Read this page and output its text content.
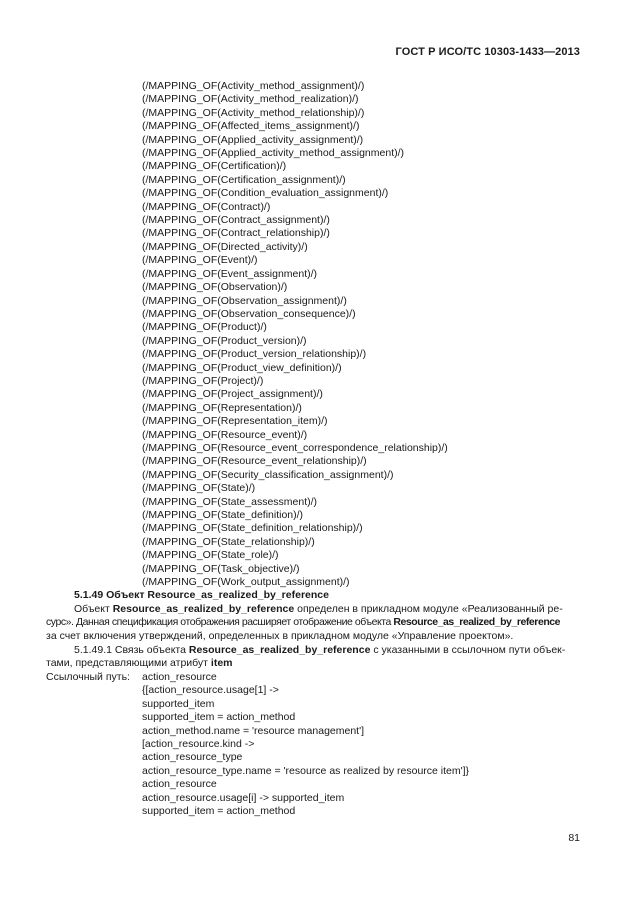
ГОСТ Р ИСО/ТС 10303-1433—2013
(/MAPPING_OF(Activity_method_assignment)/)
(/MAPPING_OF(Activity_method_realization)/)
(/MAPPING_OF(Activity_method_relationship)/)
(/MAPPING_OF(Affected_items_assignment)/)
(/MAPPING_OF(Applied_activity_assignment)/)
(/MAPPING_OF(Applied_activity_method_assignment)/)
(/MAPPING_OF(Certification)/)
(/MAPPING_OF(Certification_assignment)/)
(/MAPPING_OF(Condition_evaluation_assignment)/)
(/MAPPING_OF(Contract)/)
(/MAPPING_OF(Contract_assignment)/)
(/MAPPING_OF(Contract_relationship)/)
(/MAPPING_OF(Directed_activity)/)
(/MAPPING_OF(Event)/)
(/MAPPING_OF(Event_assignment)/)
(/MAPPING_OF(Observation)/)
(/MAPPING_OF(Observation_assignment)/)
(/MAPPING_OF(Observation_consequence)/)
(/MAPPING_OF(Product)/)
(/MAPPING_OF(Product_version)/)
(/MAPPING_OF(Product_version_relationship)/)
(/MAPPING_OF(Product_view_definition)/)
(/MAPPING_OF(Project)/)
(/MAPPING_OF(Project_assignment)/)
(/MAPPING_OF(Representation)/)
(/MAPPING_OF(Representation_item)/)
(/MAPPING_OF(Resource_event)/)
(/MAPPING_OF(Resource_event_correspondence_relationship)/)
(/MAPPING_OF(Resource_event_relationship)/)
(/MAPPING_OF(Security_classification_assignment)/)
(/MAPPING_OF(State)/)
(/MAPPING_OF(State_assessment)/)
(/MAPPING_OF(State_definition)/)
(/MAPPING_OF(State_definition_relationship)/)
(/MAPPING_OF(State_relationship)/)
(/MAPPING_OF(State_role)/)
(/MAPPING_OF(Task_objective)/)
(/MAPPING_OF(Work_output_assignment)/)
5.1.49 Объект Resource_as_realized_by_reference
Объект Resource_as_realized_by_reference определен в прикладном модуле «Реализованный ре-
сурс». Данная спецификация отображения расширяет отображение объекта Resource_as_realized_by_reference
за счет включения утверждений, определенных в прикладном модуле «Управление проектом».
5.1.49.1 Связь объекта Resource_as_realized_by_reference с указанными в ссылочном пути объек-
тами, представляющими атрибут item
Ссылочный путь: action_resource
{[action_resource.usage[1] ->
supported_item
supported_item = action_method
action_method.name = 'resource management']
[action_resource.kind ->
action_resource_type
action_resource_type.name = 'resource as realized by resource item']}
action_resource
action_resource.usage[i] -> supported_item
supported_item = action_method
81
